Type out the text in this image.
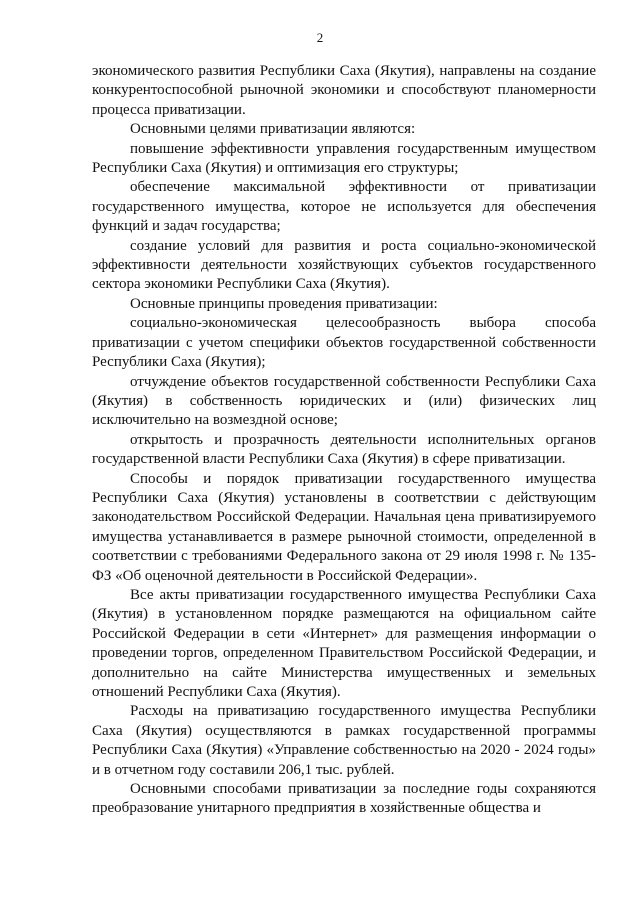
2

экономического развития Республики Саха (Якутия), направлены на создание конкурентоспособной рыночной экономики и способствуют планомерности процесса приватизации.

Основными целями приватизации являются:

повышение эффективности управления государственным имуществом Республики Саха (Якутия) и оптимизация его структуры;

обеспечение максимальной эффективности от приватизации государственного имущества, которое не используется для обеспечения функций и задач государства;

создание условий для развития и роста социально-экономической эффективности деятельности хозяйствующих субъектов государственного сектора экономики Республики Саха (Якутия).

Основные принципы проведения приватизации:

социально-экономическая целесообразность выбора способа приватизации с учетом специфики объектов государственной собственности Республики Саха (Якутия);

отчуждение объектов государственной собственности Республики Саха (Якутия) в собственность юридических и (или) физических лиц исключительно на возмездной основе;

открытость и прозрачность деятельности исполнительных органов государственной власти Республики Саха (Якутия) в сфере приватизации.

Способы и порядок приватизации государственного имущества Республики Саха (Якутия) установлены в соответствии с действующим законодательством Российской Федерации. Начальная цена приватизируемого имущества устанавливается в размере рыночной стоимости, определенной в соответствии с требованиями Федерального закона от 29 июля 1998 г. № 135-ФЗ «Об оценочной деятельности в Российской Федерации».

Все акты приватизации государственного имущества Республики Саха (Якутия) в установленном порядке размещаются на официальном сайте Российской Федерации в сети «Интернет» для размещения информации о проведении торгов, определенном Правительством Российской Федерации, и дополнительно на сайте Министерства имущественных и земельных отношений Республики Саха (Якутия).

Расходы на приватизацию государственного имущества Республики Саха (Якутия) осуществляются в рамках государственной программы Республики Саха (Якутия) «Управление собственностью на 2020 - 2024 годы» и в отчетном году составили 206,1 тыс. рублей.

Основными способами приватизации за последние годы сохраняются преобразование унитарного предприятия в хозяйственные общества и
